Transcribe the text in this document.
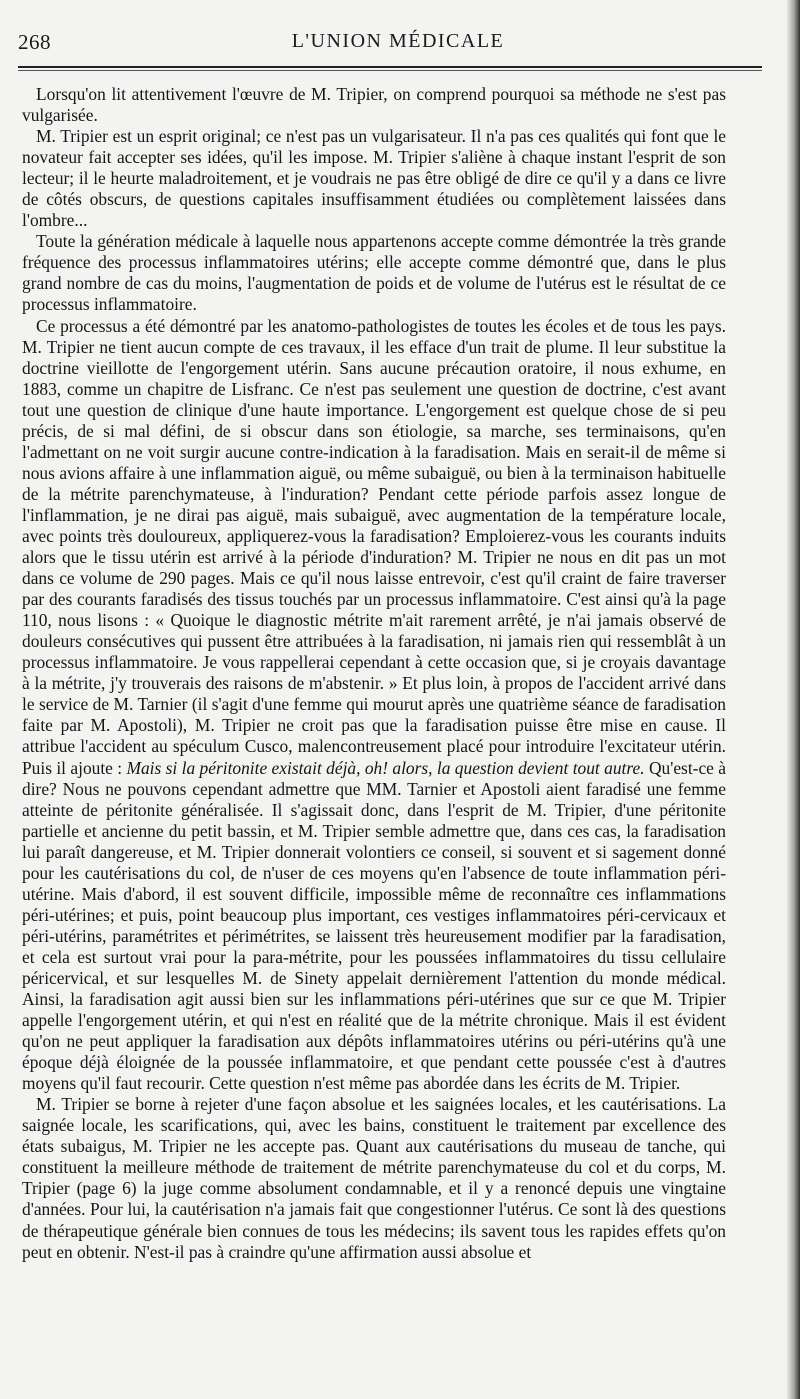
268	L'UNION MÉDICALE

Lorsqu'on lit attentivement l'œuvre de M. Tripier, on comprend pourquoi sa méthode ne s'est pas vulgarisée.

M. Tripier est un esprit original; ce n'est pas un vulgarisateur. Il n'a pas ces qualités qui font que le novateur fait accepter ses idées, qu'il les impose. M. Tripier s'aliène à chaque instant l'esprit de son lecteur; il le heurte maladroitement, et je voudrais ne pas être obligé de dire ce qu'il y a dans ce livre de côtés obscurs, de questions capitales insuffisamment étudiées ou complètement laissées dans l'ombre...

Toute la génération médicale à laquelle nous appartenons accepte comme démontrée la très grande fréquence des processus inflammatoires utérins; elle accepte comme démontré que, dans le plus grand nombre de cas du moins, l'augmentation de poids et de volume de l'utérus est le résultat de ce processus inflammatoire.

Ce processus a été démontré par les anatomo-pathologistes de toutes les écoles et de tous les pays. M. Tripier ne tient aucun compte de ces travaux, il les efface d'un trait de plume. Il leur substitue la doctrine vieillotte de l'engorgement utérin. Sans aucune précaution oratoire, il nous exhume, en 1883, comme un chapitre de Lisfranc. Ce n'est pas seulement une question de doctrine, c'est avant tout une question de clinique d'une haute importance. L'engorgement est quelque chose de si peu précis, de si mal défini, de si obscur dans son étiologie, sa marche, ses terminaisons, qu'en l'admettant on ne voit surgir aucune contre-indication à la faradisation. Mais en serait-il de même si nous avions affaire à une inflammation aiguë, ou même subaiguë, ou bien à la terminaison habituelle de la métrite parenchymateuse, à l'induration? Pendant cette période parfois assez longue de l'inflammation, je ne dirai pas aiguë, mais subaiguë, avec augmentation de la température locale, avec points très douloureux, appliquerez-vous la faradisation? Emploierez-vous les courants induits alors que le tissu utérin est arrivé à la période d'induration? M. Tripier ne nous en dit pas un mot dans ce volume de 290 pages. Mais ce qu'il nous laisse entrevoir, c'est qu'il craint de faire traverser par des courants faradisés des tissus touchés par un processus inflammatoire. C'est ainsi qu'à la page 110, nous lisons : « Quoique le diagnostic métrite m'ait rarement arrêté, je n'ai jamais observé de douleurs consécutives qui pussent être attribuées à la faradisation, ni jamais rien qui ressemblât à un processus inflammatoire. Je vous rappellerai cependant à cette occasion que, si je croyais davantage à la métrite, j'y trouverais des raisons de m'abstenir. » Et plus loin, à propos de l'accident arrivé dans le service de M. Tarnier (il s'agit d'une femme qui mourut après une quatrième séance de faradisation faite par M. Apostoli), M. Tripier ne croit pas que la faradisation puisse être mise en cause. Il attribue l'accident au spéculum Cusco, malencontreusement placé pour introduire l'excitateur utérin. Puis il ajoute : Mais si la péritonite existait déjà, oh! alors, la question devient tout autre. Qu'est-ce à dire? Nous ne pouvons cependant admettre que MM. Tarnier et Apostoli aient faradisé une femme atteinte de péritonite généralisée. Il s'agissait donc, dans l'esprit de M. Tripier, d'une péritonite partielle et ancienne du petit bassin, et M. Tripier semble admettre que, dans ces cas, la faradisation lui paraît dangereuse, et M. Tripier donnerait volontiers ce conseil, si souvent et si sagement donné pour les cautérisations du col, de n'user de ces moyens qu'en l'absence de toute inflammation péri-utérine. Mais d'abord, il est souvent difficile, impossible même de reconnaître ces inflammations péri-utérines; et puis, point beaucoup plus important, ces vestiges inflammatoires péri-cervicaux et péri-utérins, paramétrites et périmétrites, se laissent très heureusement modifier par la faradisation, et cela est surtout vrai pour la para-métrite, pour les poussées inflammatoires du tissu cellulaire péricervical, et sur lesquelles M. de Sinety appelait dernièrement l'attention du monde médical. Ainsi, la faradisation agit aussi bien sur les inflammations péri-utérines que sur ce que M. Tripier appelle l'engorgement utérin, et qui n'est en réalité que de la métrite chronique. Mais il est évident qu'on ne peut appliquer la faradisation aux dépôts inflammatoires utérins ou péri-utérins qu'à une époque déjà éloignée de la poussée inflammatoire, et que pendant cette poussée c'est à d'autres moyens qu'il faut recourir. Cette question n'est même pas abordée dans les écrits de M. Tripier.

M. Tripier se borne à rejeter d'une façon absolue et les saignées locales, et les cautérisations. La saignée locale, les scarifications, qui, avec les bains, constituent le traitement par excellence des états subaigus, M. Tripier ne les accepte pas. Quant aux cautérisations du museau de tanche, qui constituent la meilleure méthode de traitement de métrite parenchymateuse du col et du corps, M. Tripier (page 6) la juge comme absolument condamnable, et il y a renoncé depuis une vingtaine d'années. Pour lui, la cautérisation n'a jamais fait que congestionner l'utérus. Ce sont là des questions de thérapeutique générale bien connues de tous les médecins; ils savent tous les rapides effets qu'on peut en obtenir. N'est-il pas à craindre qu'une affirmation aussi absolue et
